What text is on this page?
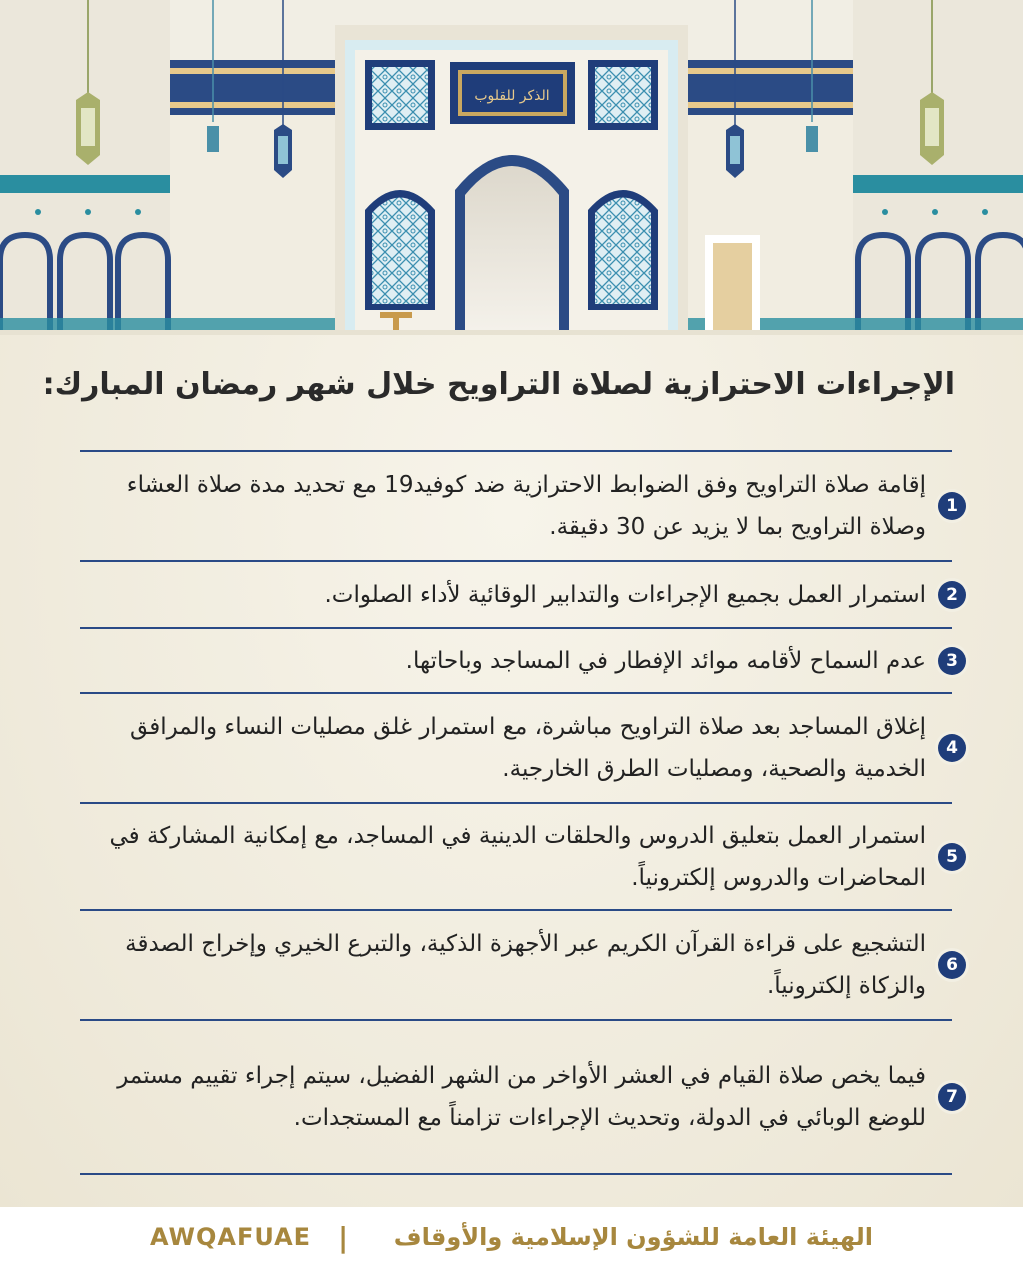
الذكر للقلوب
الإجراءات الاحترازية لصلاة التراويح خلال شهر رمضان المبارك:
1
إقامة صلاة التراويح وفق الضوابط الاحترازية ضد كوفيد19 مع تحديد مدة صلاة العشاء وصلاة التراويح بما لا يزيد عن 30 دقيقة.
2
استمرار العمل بجميع الإجراءات والتدابير الوقائية لأداء الصلوات.
3
عدم السماح لأقامه موائد الإفطار في المساجد وباحاتها.
4
إغلاق المساجد بعد صلاة التراويح مباشرة، مع استمرار غلق مصليات النساء والمرافق الخدمية والصحية، ومصليات الطرق الخارجية.
5
استمرار العمل بتعليق الدروس والحلقات الدينية في المساجد، مع إمكانية المشاركة في المحاضرات والدروس إلكترونياً.
6
التشجيع على قراءة القرآن الكريم عبر الأجهزة الذكية، والتبرع الخيري وإخراج الصدقة والزكاة إلكترونياً.
7
فيما يخص صلاة القيام في العشر الأواخر من الشهر الفضيل، سيتم إجراء تقييم مستمر للوضع الوبائي في الدولة، وتحديث الإجراءات تزامناً مع المستجدات.
الهيئة العامة للشؤون الإسلامية والأوقاف
|
AWQAFUAE
